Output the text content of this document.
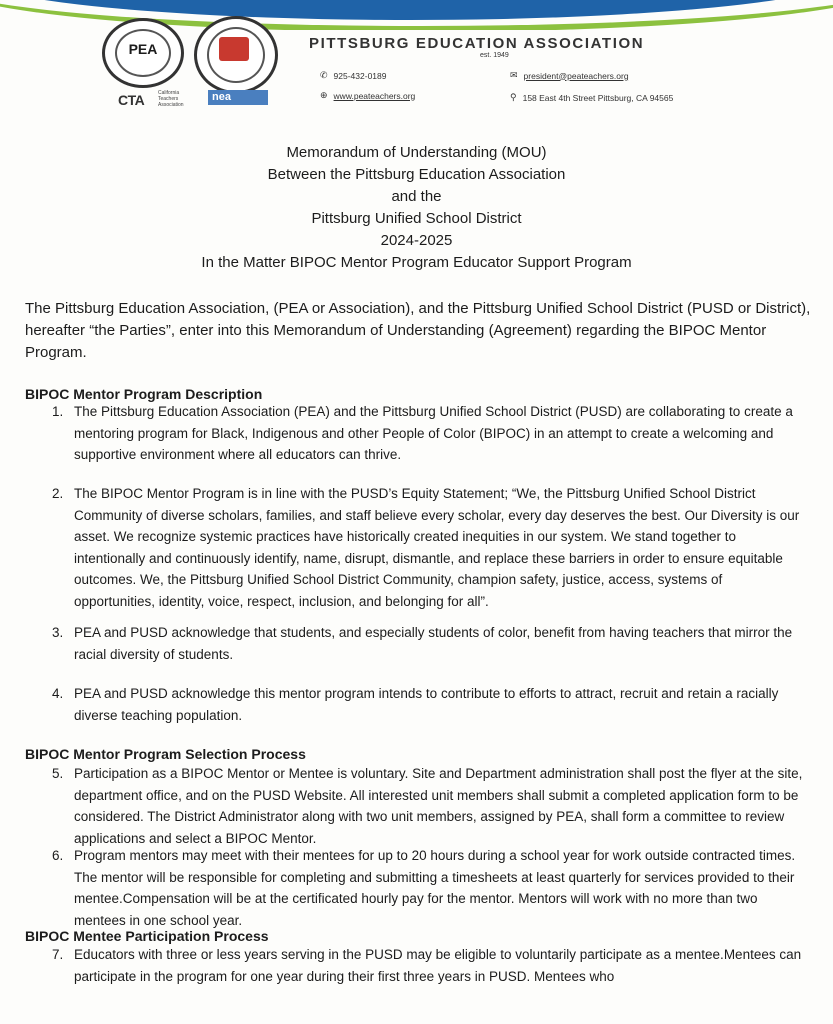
PEA
CTA	California Teachers Association
nea
PITTSBURG EDUCATION ASSOCIATION
est. 1949
✆ 925-432-0189	✉ president@peateachers.org
⊕ www.peateachers.org	⚲ 158 East 4th Street Pittsburg, CA 94565
Memorandum of Understanding (MOU)
Between the Pittsburg Education Association
and the
Pittsburg Unified School District
2024-2025
In the Matter BIPOC Mentor Program Educator Support Program
The Pittsburg Education Association, (PEA or Association), and the Pittsburg Unified School District (PUSD or District), hereafter “the Parties”, enter into this Memorandum of Understanding (Agreement) regarding the BIPOC Mentor Program.
BIPOC Mentor Program Description
1. The Pittsburg Education Association (PEA) and the Pittsburg Unified School District (PUSD) are collaborating to create a mentoring program for Black, Indigenous and other People of Color (BIPOC) in an attempt to create a welcoming and supportive environment where all educators can thrive.
2. The BIPOC Mentor Program is in line with the PUSD’s Equity Statement; “We, the Pittsburg Unified School District Community of diverse scholars, families, and staff believe every scholar, every day deserves the best. Our Diversity is our asset. We recognize systemic practices have historically created inequities in our system. We stand together to intentionally and continuously identify, name, disrupt, dismantle, and replace these barriers in order to ensure equitable outcomes. We, the Pittsburg Unified School District Community, champion safety, justice, access, systems of opportunities, identity, voice, respect, inclusion, and belonging for all”.
3. PEA and PUSD acknowledge that students, and especially students of color, benefit from having teachers that mirror the racial diversity of students.
4. PEA and PUSD acknowledge this mentor program intends to contribute to efforts to attract, recruit and retain a racially diverse teaching population.
BIPOC Mentor Program Selection Process
5. Participation as a BIPOC Mentor or Mentee is voluntary. Site and Department administration shall post the flyer at the site, department office, and on the PUSD Website. All interested unit members shall submit a completed application form to be considered. The District Administrator along with two unit members, assigned by PEA, shall form a committee to review applications and select a BIPOC Mentor.
6. Program mentors may meet with their mentees for up to 20 hours during a school year for work outside contracted times. The mentor will be responsible for completing and submitting a timesheets at least quarterly for services provided to their mentee.Compensation will be at the certificated hourly pay for the mentor. Mentors will work with no more than two mentees in one school year.
BIPOC Mentee Participation Process
7. Educators with three or less years serving in the PUSD may be eligible to voluntarily participate as a mentee.Mentees can participate in the program for one year during their first three years in PUSD. Mentees who
